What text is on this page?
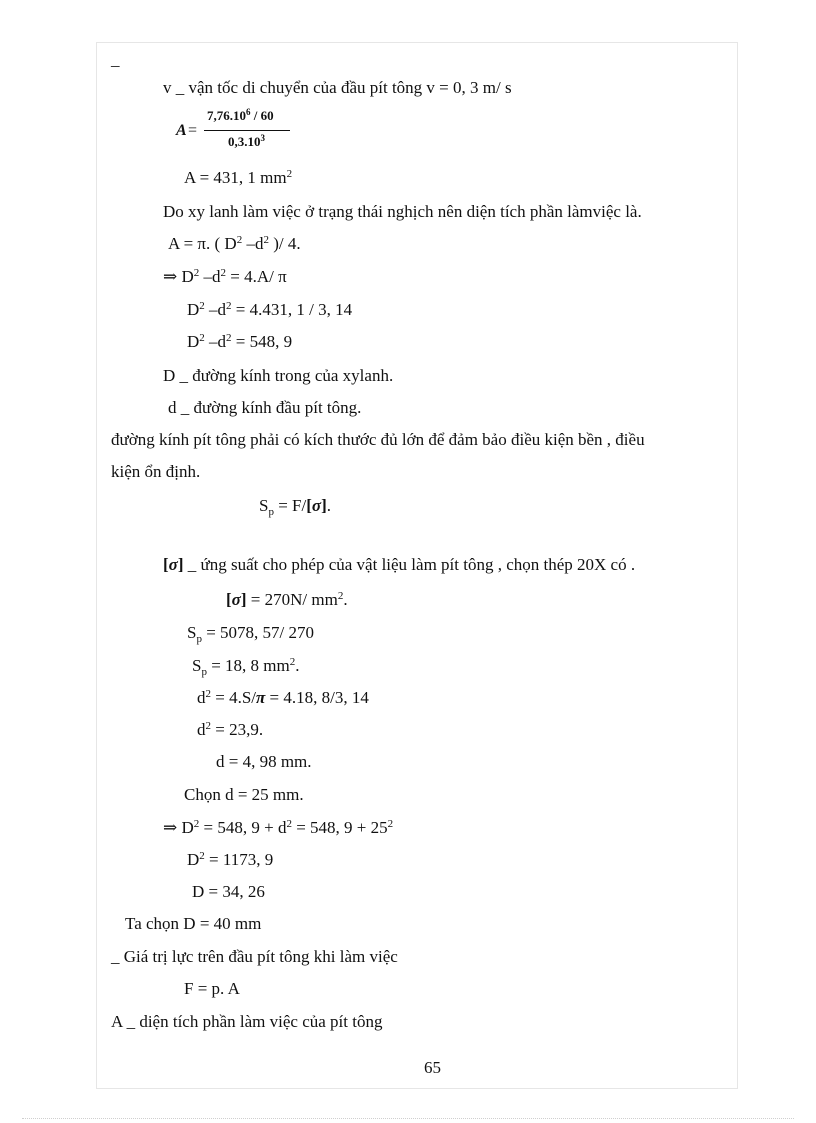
_
v _ vận tốc di chuyển của đầu pít tông v = 0, 3 m/ s
A =
$7,76.10^6 / 60$
0,3.10$^3$
A = 431, 1 $mm^2$
Do xy lanh làm việc ở trạng thái nghịch nên diện tích phần làmviệc là.
A = π. ( $D^2$ $-d^2$ )/ 4.
⇒ $D^2$ $-d^2 = 4.A/$ π
$D^2$ $-d^2 = 4.431$, 1 / 3, 14
$D^2$ $-d^2 = 548$, 9
D _ đường kính trong của xylanh.
d _ đường kính đầu pít tông.
đường kính pít tông phải có kích thước đủ lớn để đảm bảo điều kiện bền , điều
kiện ổn định.
$S_p = F/[\sigma]$.
[σ] _ ứng suất cho phép của vật liệu làm pít tông , chọn thép 20X có .
[σ] = 270N/ $mm^2$.
$S_p = 5078$, 57/ 270
$S_p = 18$, 8 $mm^2$.
$d^2 = 4.S/\pi = 4.18$, 8/3, 14
$d^2 = 23,9$.
d = 4, 98 mm.
Chọn d = 25 mm.
⇒ $D^2 = 548$, $9 + d^2 = 548$, $9 + 25^2$
$D^2 = 1173$, 9
D = 34, 26
Ta chọn D = 40 mm
_ Giá trị lực trên đầu pít tông khi làm việc
F = p. A
A _ diện tích phần làm việc của pít tông
65
